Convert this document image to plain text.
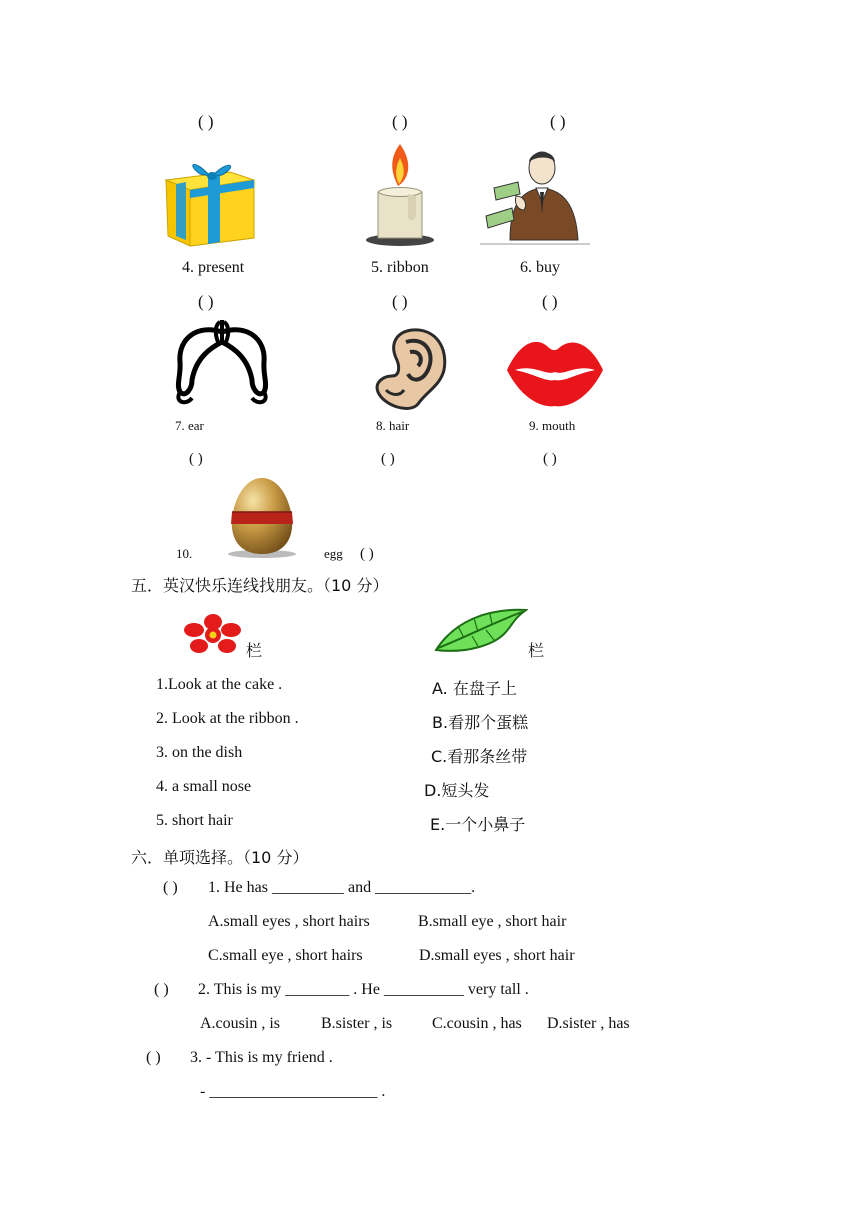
( )	( )	( )
4. present	5. ribbon	6. buy
( )	( )	( )
7. ear	8. hair	9. mouth
( )	( )	( )
10.	egg ( )
五．英汉快乐连线找朋友。（10 分）
栏	栏
1.Look at the cake .
2. Look at the ribbon .
3. on the dish
4. a small nose
5. short hair
A. 在盘子上
B.看那个蛋糕
C.看那条丝带
D.短头发
E.一个小鼻子
六．单项选择。（10 分）
( ) 1. He has _________ and ____________.
A.small eyes , short hairs	B.small eye , short hair
C.small eye , short hairs	D.small eyes , short hair
( ) 2. This is my ________ . He __________ very tall .
A.cousin , is	B.sister , is C.cousin , has D.sister , has
( ) 3. - This is my friend .
- _____________________ .
